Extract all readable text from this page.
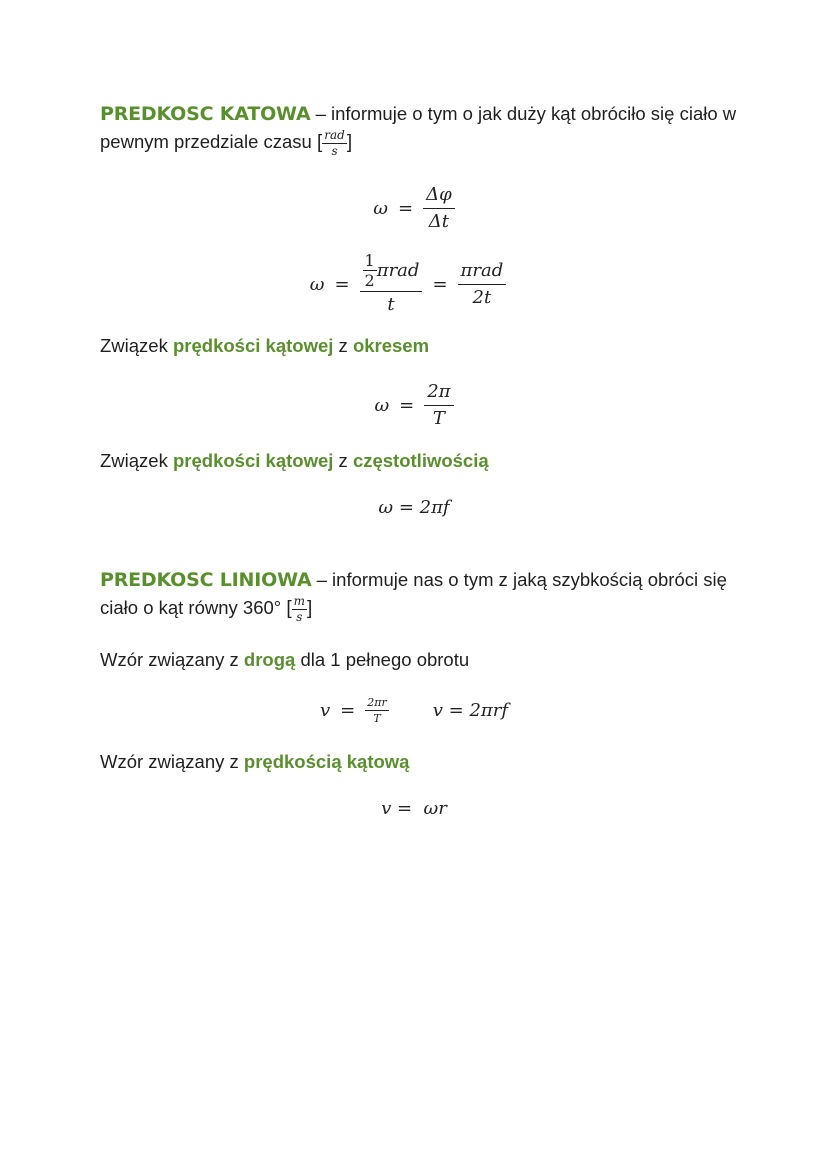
PREDKOSC KATOWA – informuje o tym o jak duży kąt obróciło się ciało w pewnym przedziale czasu [ $\frac{\text{rad}}{s}$ ]
$\omega = \frac{\Delta\varphi}{\Delta t}$
$\omega = \frac{\frac{1}{2} \pi rad}{t} = \frac{\text{πrad}}{2t}$
Związek prędkości kątowej z okresem
$\omega = \frac{2\pi}{T}$
Związek prędkości kątowej z częstotliwością
ω = 2πf
PREDKOSC LINIOWA – informuje nas o tym z jaką szybkością obróci się ciało o kąt równy 360° [ $\frac{m}{s}$ ]
Wzór związany z drogą dla 1 pełnego obrotu
$v = \frac{2\pi r}{T}$ v = 2πrf
Wzór związany z prędkością kątową
v =  ωr
